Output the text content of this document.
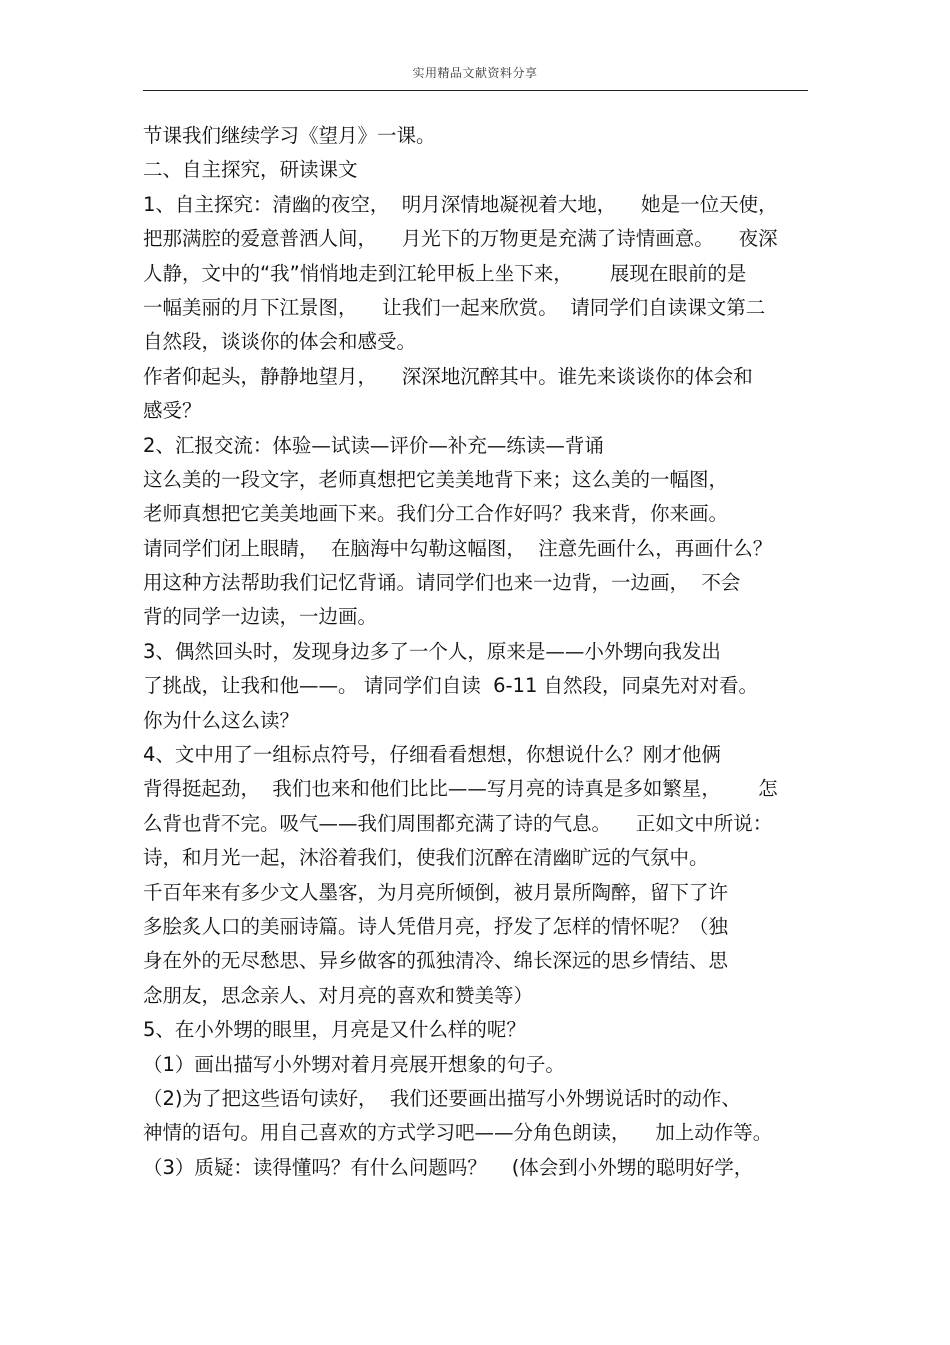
实用精品文献资料分享
节课我们继续学习《望月》一课。
二、自主探究，研读课文
1、自主探究：清幽的夜空，  明月深情地凝视着大地，    她是一位天使，
把那满腔的爱意普洒人间，    月光下的万物更是充满了诗情画意。    夜深
人静，文中的“我”悄悄地走到江轮甲板上坐下来，      展现在眼前的是
一幅美丽的月下江景图，    让我们一起来欣赏。  请同学们自读课文第二
自然段，谈谈你的体会和感受。
作者仰起头，静静地望月，    深深地沉醉其中。谁先来谈谈你的体会和
感受？
2、汇报交流：体验—试读—评价—补充—练读—背诵
这么美的一段文字，老师真想把它美美地背下来；这么美的一幅图，
老师真想把它美美地画下来。我们分工合作好吗？我来背，你来画。
请同学们闭上眼睛，  在脑海中勾勒这幅图，  注意先画什么，再画什么？
用这种方法帮助我们记忆背诵。请同学们也来一边背，一边画，  不会
背的同学一边读，一边画。
3、偶然回头时，发现身边多了一个人，原来是——小外甥向我发出
了挑战，让我和他——。 请同学们自读  6-11 自然段，同桌先对对看。
你为什么这么读？
4、文中用了一组标点符号，仔细看看想想，你想说什么？刚才他俩
背得挺起劲，  我们也来和他们比比——写月亮的诗真是多如繁星，      怎
么背也背不完。吸气——我们周围都充满了诗的气息。    正如文中所说：
诗，和月光一起，沐浴着我们，使我们沉醉在清幽旷远的气氛中。
千百年来有多少文人墨客，为月亮所倾倒，被月景所陶醉，留下了许
多脍炙人口的美丽诗篇。诗人凭借月亮，抒发了怎样的情怀呢？（独
身在外的无尽愁思、异乡做客的孤独清冷、绵长深远的思乡情结、思
念朋友，思念亲人、对月亮的喜欢和赞美等）
5、在小外甥的眼里，月亮是又什么样的呢？
（1）画出描写小外甥对着月亮展开想象的句子。
（2)为了把这些语句读好，  我们还要画出描写小外甥说话时的动作、
神情的语句。用自己喜欢的方式学习吧——分角色朗读，    加上动作等。
（3）质疑：读得懂吗？有什么问题吗？    (体会到小外甥的聪明好学，
